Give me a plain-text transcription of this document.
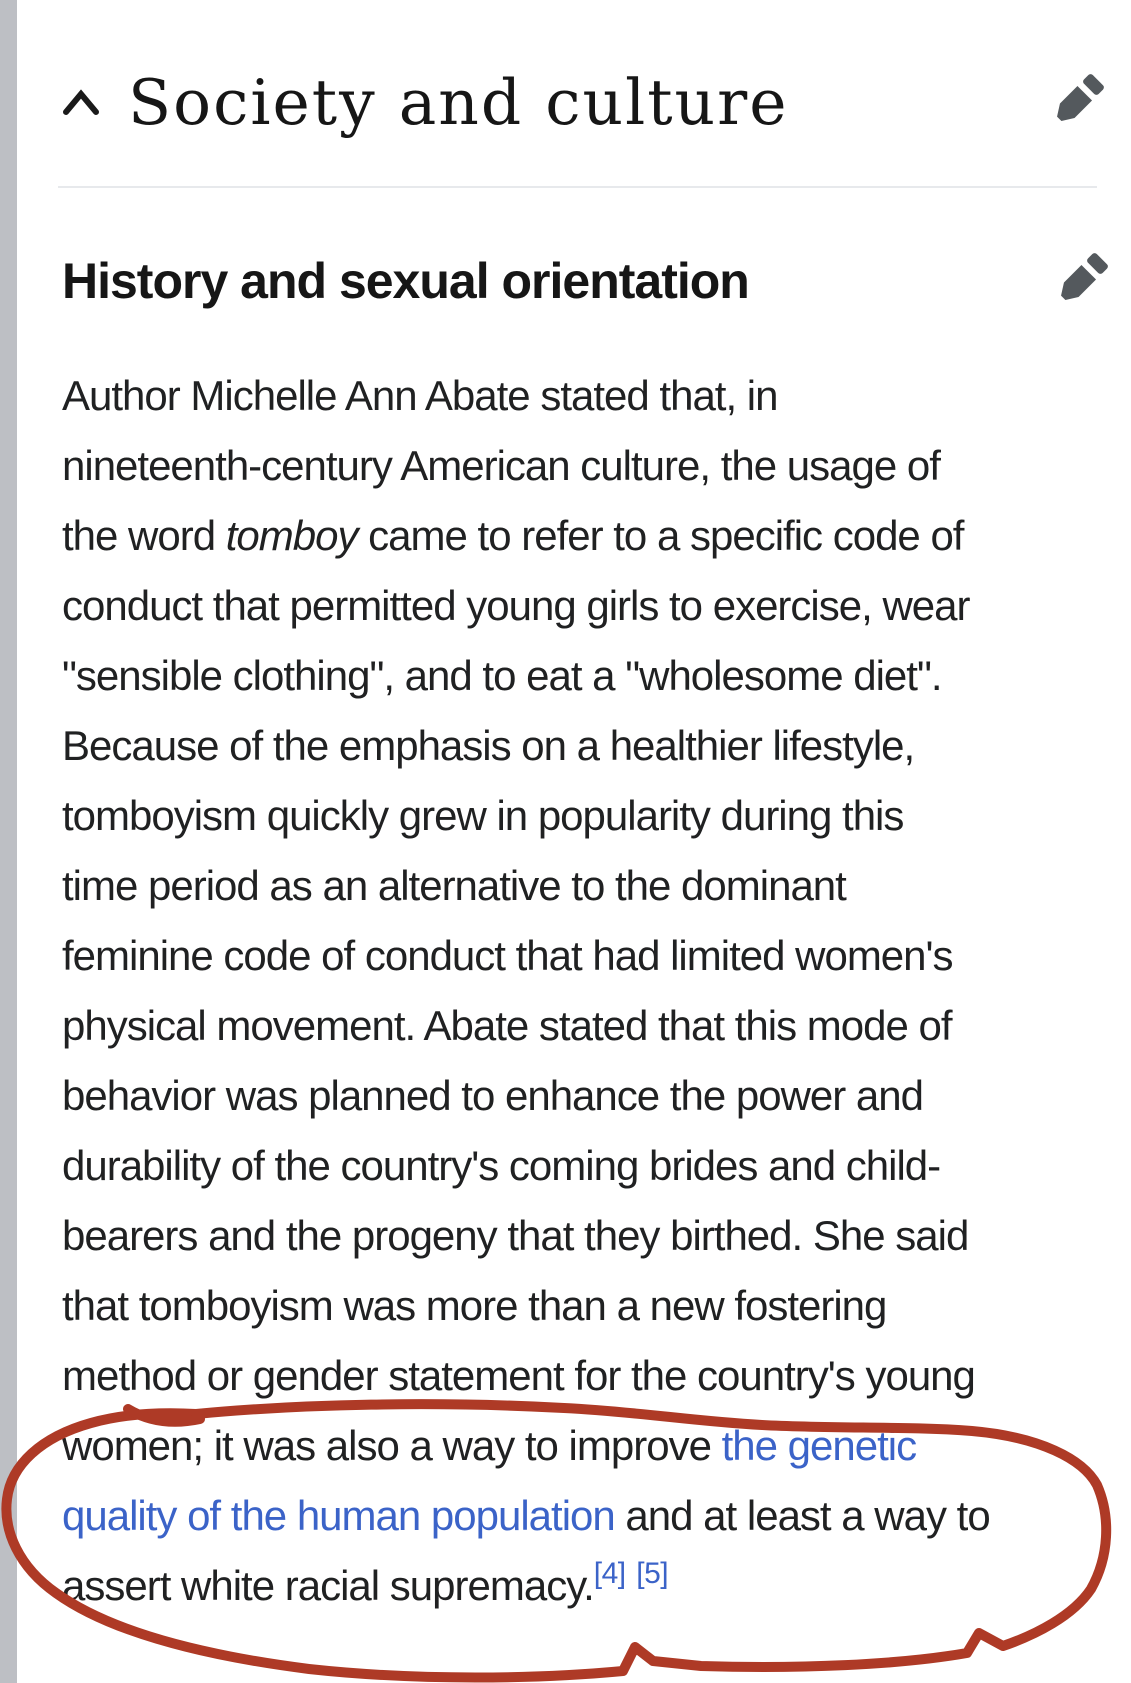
Society and culture
History and sexual orientation
Author Michelle Ann Abate stated that, in
nineteenth-century American culture, the usage of
the word tomboy came to refer to a specific code of
conduct that permitted young girls to exercise, wear
"sensible clothing", and to eat a "wholesome diet".
Because of the emphasis on a healthier lifestyle,
tomboyism quickly grew in popularity during this
time period as an alternative to the dominant
feminine code of conduct that had limited women's
physical movement. Abate stated that this mode of
behavior was planned to enhance the power and
durability of the country's coming brides and child-
bearers and the progeny that they birthed. She said
that tomboyism was more than a new fostering
method or gender statement for the country's young
women; it was also a way to improve the genetic
quality of the human population and at least a way to
assert white racial supremacy.[4] [5]
